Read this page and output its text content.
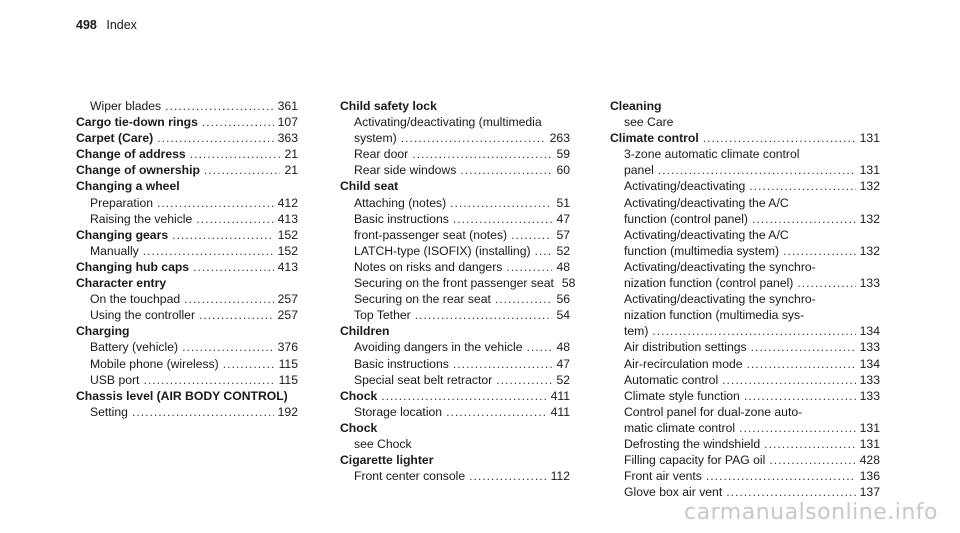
498 Index
Wiper blades .....	361
Cargo tie-down rings .....	107
Carpet (Care) .....	363
Change of address .....	21
Change of ownership .....	21
Changing a wheel
Preparation .....	412
Raising the vehicle .....	413
Changing gears .....	152
Manually .....	152
Changing hub caps .....	413
Character entry
On the touchpad .....	257
Using the controller .....	257
Charging
Battery (vehicle) .....	376
Mobile phone (wireless) .....	115
USB port .....	115
Chassis level (AIR BODY CONTROL)
Setting .....	192
Child safety lock
Activating/deactivating (multimedia
system) .....	263
Rear door .....	59
Rear side windows .....	60
Child seat
Attaching (notes) .....	51
Basic instructions .....	47
front-passenger seat (notes) .....	57
LATCH-type (ISOFIX) (installing) ..... 52
Notes on risks and dangers .....	48
Securing on the front passenger seat 58
Securing on the rear seat .....	56
Top Tether .....	54
Children
Avoiding dangers in the vehicle .....	48
Basic instructions .....	47
Special seat belt retractor .....	52
Chock .....	411
Storage location .....	411
Chock
see Chock
Cigarette lighter
Front center console .....	112
Cleaning
see Care
Climate control .....	131
3-zone automatic climate control
panel .....	131
Activating/deactivating .....	132
Activating/deactivating the A/C
function (control panel) .....	132
Activating/deactivating the A/C
function (multimedia system) .....	132
Activating/deactivating the synchro-
nization function (control panel) .....	133
Activating/deactivating the synchro-
nization function (multimedia sys-
tem) .....	134
Air distribution settings .....	133
Air-recirculation mode .....	134
Automatic control .....	133
Climate style function .....	133
Control panel for dual-zone auto-
matic climate control .....	131
Defrosting the windshield .....	131
Filling capacity for PAG oil .....	428
Front air vents .....	136
Glove box air vent .....	137
carmanualsonline.info
